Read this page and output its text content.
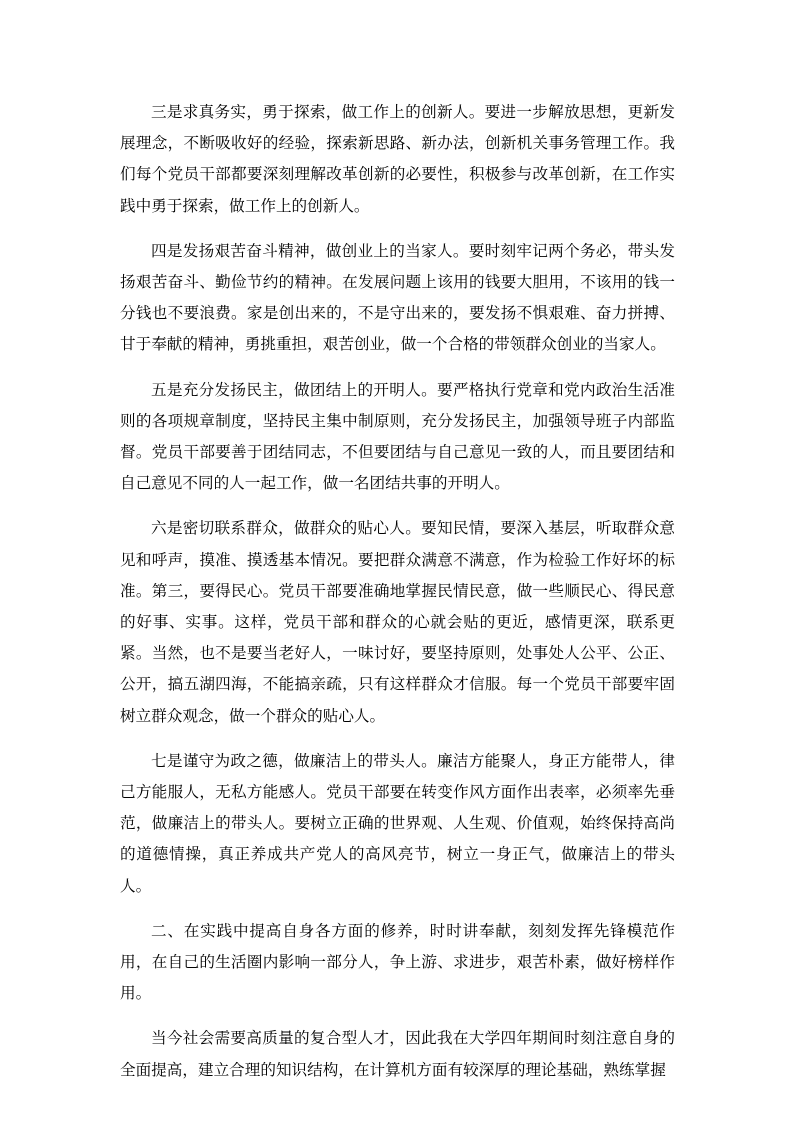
三是求真务实，勇于探索，做工作上的创新人。要进一步解放思想，更新发展理念，不断吸收好的经验，探索新思路、新办法，创新机关事务管理工作。我们每个党员干部都要深刻理解改革创新的必要性，积极参与改革创新，在工作实践中勇于探索，做工作上的创新人。

四是发扬艰苦奋斗精神，做创业上的当家人。要时刻牢记两个务必，带头发扬艰苦奋斗、勤俭节约的精神。在发展问题上该用的钱要大胆用，不该用的钱一分钱也不要浪费。家是创出来的，不是守出来的，要发扬不惧艰难、奋力拼搏、甘于奉献的精神，勇挑重担，艰苦创业，做一个合格的带领群众创业的当家人。

五是充分发扬民主，做团结上的开明人。要严格执行党章和党内政治生活准则的各项规章制度，坚持民主集中制原则，充分发扬民主，加强领导班子内部监督。党员干部要善于团结同志，不但要团结与自己意见一致的人，而且要团结和自己意见不同的人一起工作，做一名团结共事的开明人。

六是密切联系群众，做群众的贴心人。要知民情，要深入基层，听取群众意见和呼声，摸准、摸透基本情况。要把群众满意不满意，作为检验工作好坏的标准。第三，要得民心。党员干部要准确地掌握民情民意，做一些顺民心、得民意的好事、实事。这样，党员干部和群众的心就会贴的更近，感情更深，联系更紧。当然，也不是要当老好人，一味讨好，要坚持原则，处事处人公平、公正、公开，搞五湖四海，不能搞亲疏，只有这样群众才信服。每一个党员干部要牢固树立群众观念，做一个群众的贴心人。

七是谨守为政之德，做廉洁上的带头人。廉洁方能聚人，身正方能带人，律己方能服人，无私方能感人。党员干部要在转变作风方面作出表率，必须率先垂范，做廉洁上的带头人。要树立正确的世界观、人生观、价值观，始终保持高尚的道德情操，真正养成共产党人的高风亮节，树立一身正气，做廉洁上的带头人。

二、在实践中提高自身各方面的修养，时时讲奉献，刻刻发挥先锋模范作用，在自己的生活圈内影响一部分人，争上游、求进步，艰苦朴素，做好榜样作用。

当今社会需要高质量的复合型人才，因此我在大学四年期间时刻注意自身的全面提高，建立合理的知识结构，在计算机方面有较深厚的理论基础，熟练掌握
